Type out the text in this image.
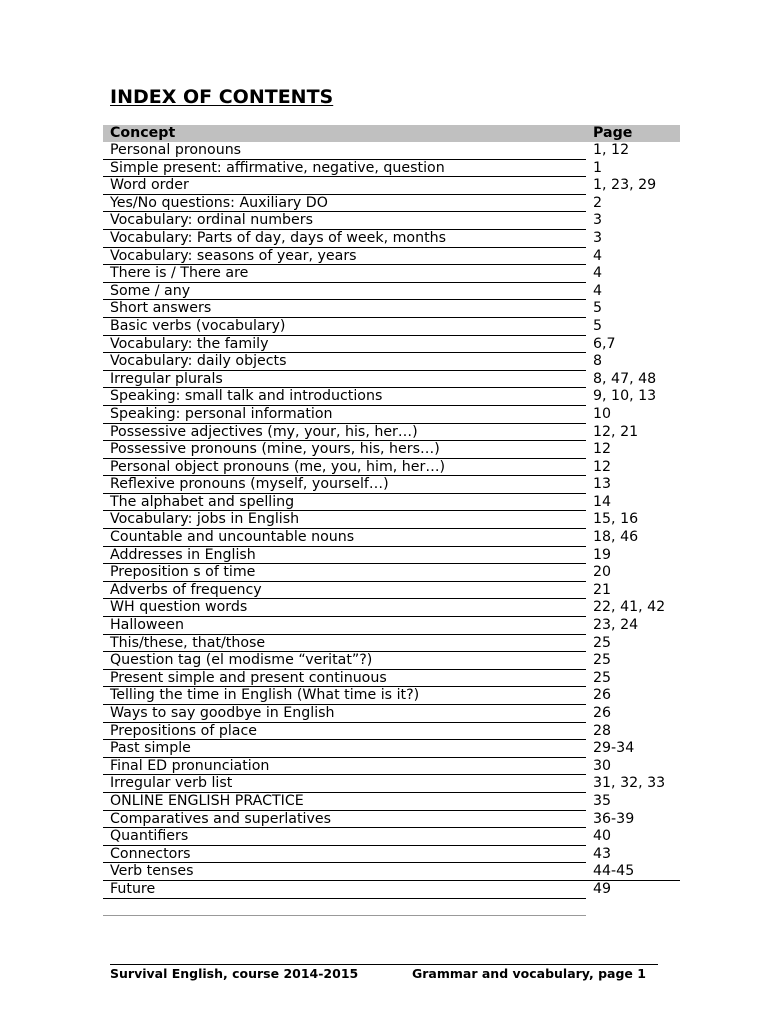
INDEX OF CONTENTS
Concept	Page
Personal pronouns	1, 12
Simple present: affirmative, negative, question	1
Word order	1, 23, 29
Yes/No questions: Auxiliary DO	2
Vocabulary: ordinal numbers	3
Vocabulary: Parts of day, days of week, months	3
Vocabulary: seasons of year, years	4
There is / There are	4
Some / any	4
Short answers	5
Basic verbs (vocabulary)	5
Vocabulary: the family	6,7
Vocabulary: daily objects	8
Irregular plurals	8, 47, 48
Speaking: small talk and introductions	9, 10, 13
Speaking: personal information	10
Possessive adjectives (my, your, his, her…)	12, 21
Possessive pronouns (mine, yours, his, hers…)	12
Personal object pronouns (me, you, him, her…)	12
Reflexive pronouns (myself, yourself…)	13
The alphabet and spelling	14
Vocabulary: jobs in English	15, 16
Countable and uncountable nouns	18, 46
Addresses in English	19
Preposition s of time	20
Adverbs of frequency	21
WH question words	22, 41, 42
Halloween	23, 24
This/these, that/those	25
Question tag (el modisme “veritat”?)	25
Present simple and present continuous	25
Telling the time in English (What time is it?)	26
Ways to say goodbye in English	26
Prepositions of place	28
Past simple	29-34
Final ED pronunciation	30
Irregular verb list	31, 32, 33
ONLINE ENGLISH PRACTICE	35
Comparatives and superlatives	36-39
Quantifiers	40
Connectors	43
Verb tenses	44-45
Future	49
Survival English, course 2014-2015	Grammar and vocabulary, page 1
